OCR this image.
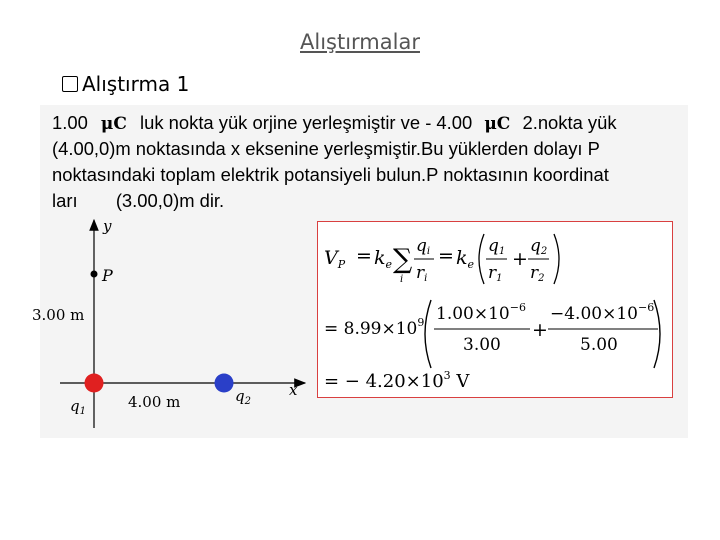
Alıştırmalar
Alıştırma 1
1.00 μC luk nokta yük orjine yerleşmiştir ve - 4.00 μC 2.nokta yük
(4.00,0)m noktasında x eksenine yerleşmiştir.Bu yüklerden dolayı P
noktasındaki toplam elektrik potansiyeli bulun.P noktasının koordinat
ları (3.00,0)m dir.
y
x
P
3.00 m
$q_1$
4.00 m	$q_2$
$V_P = k_e$ ∑
i
qi
ri
= $k_e$
q1
r1
+
q2
r2
= $8.99\times 10^9$ $1.00\times 10^{-6}$
3.00
+
$-4.00\times 10^{-6}$
5.00
= − $4.20\times 10^3$ V
